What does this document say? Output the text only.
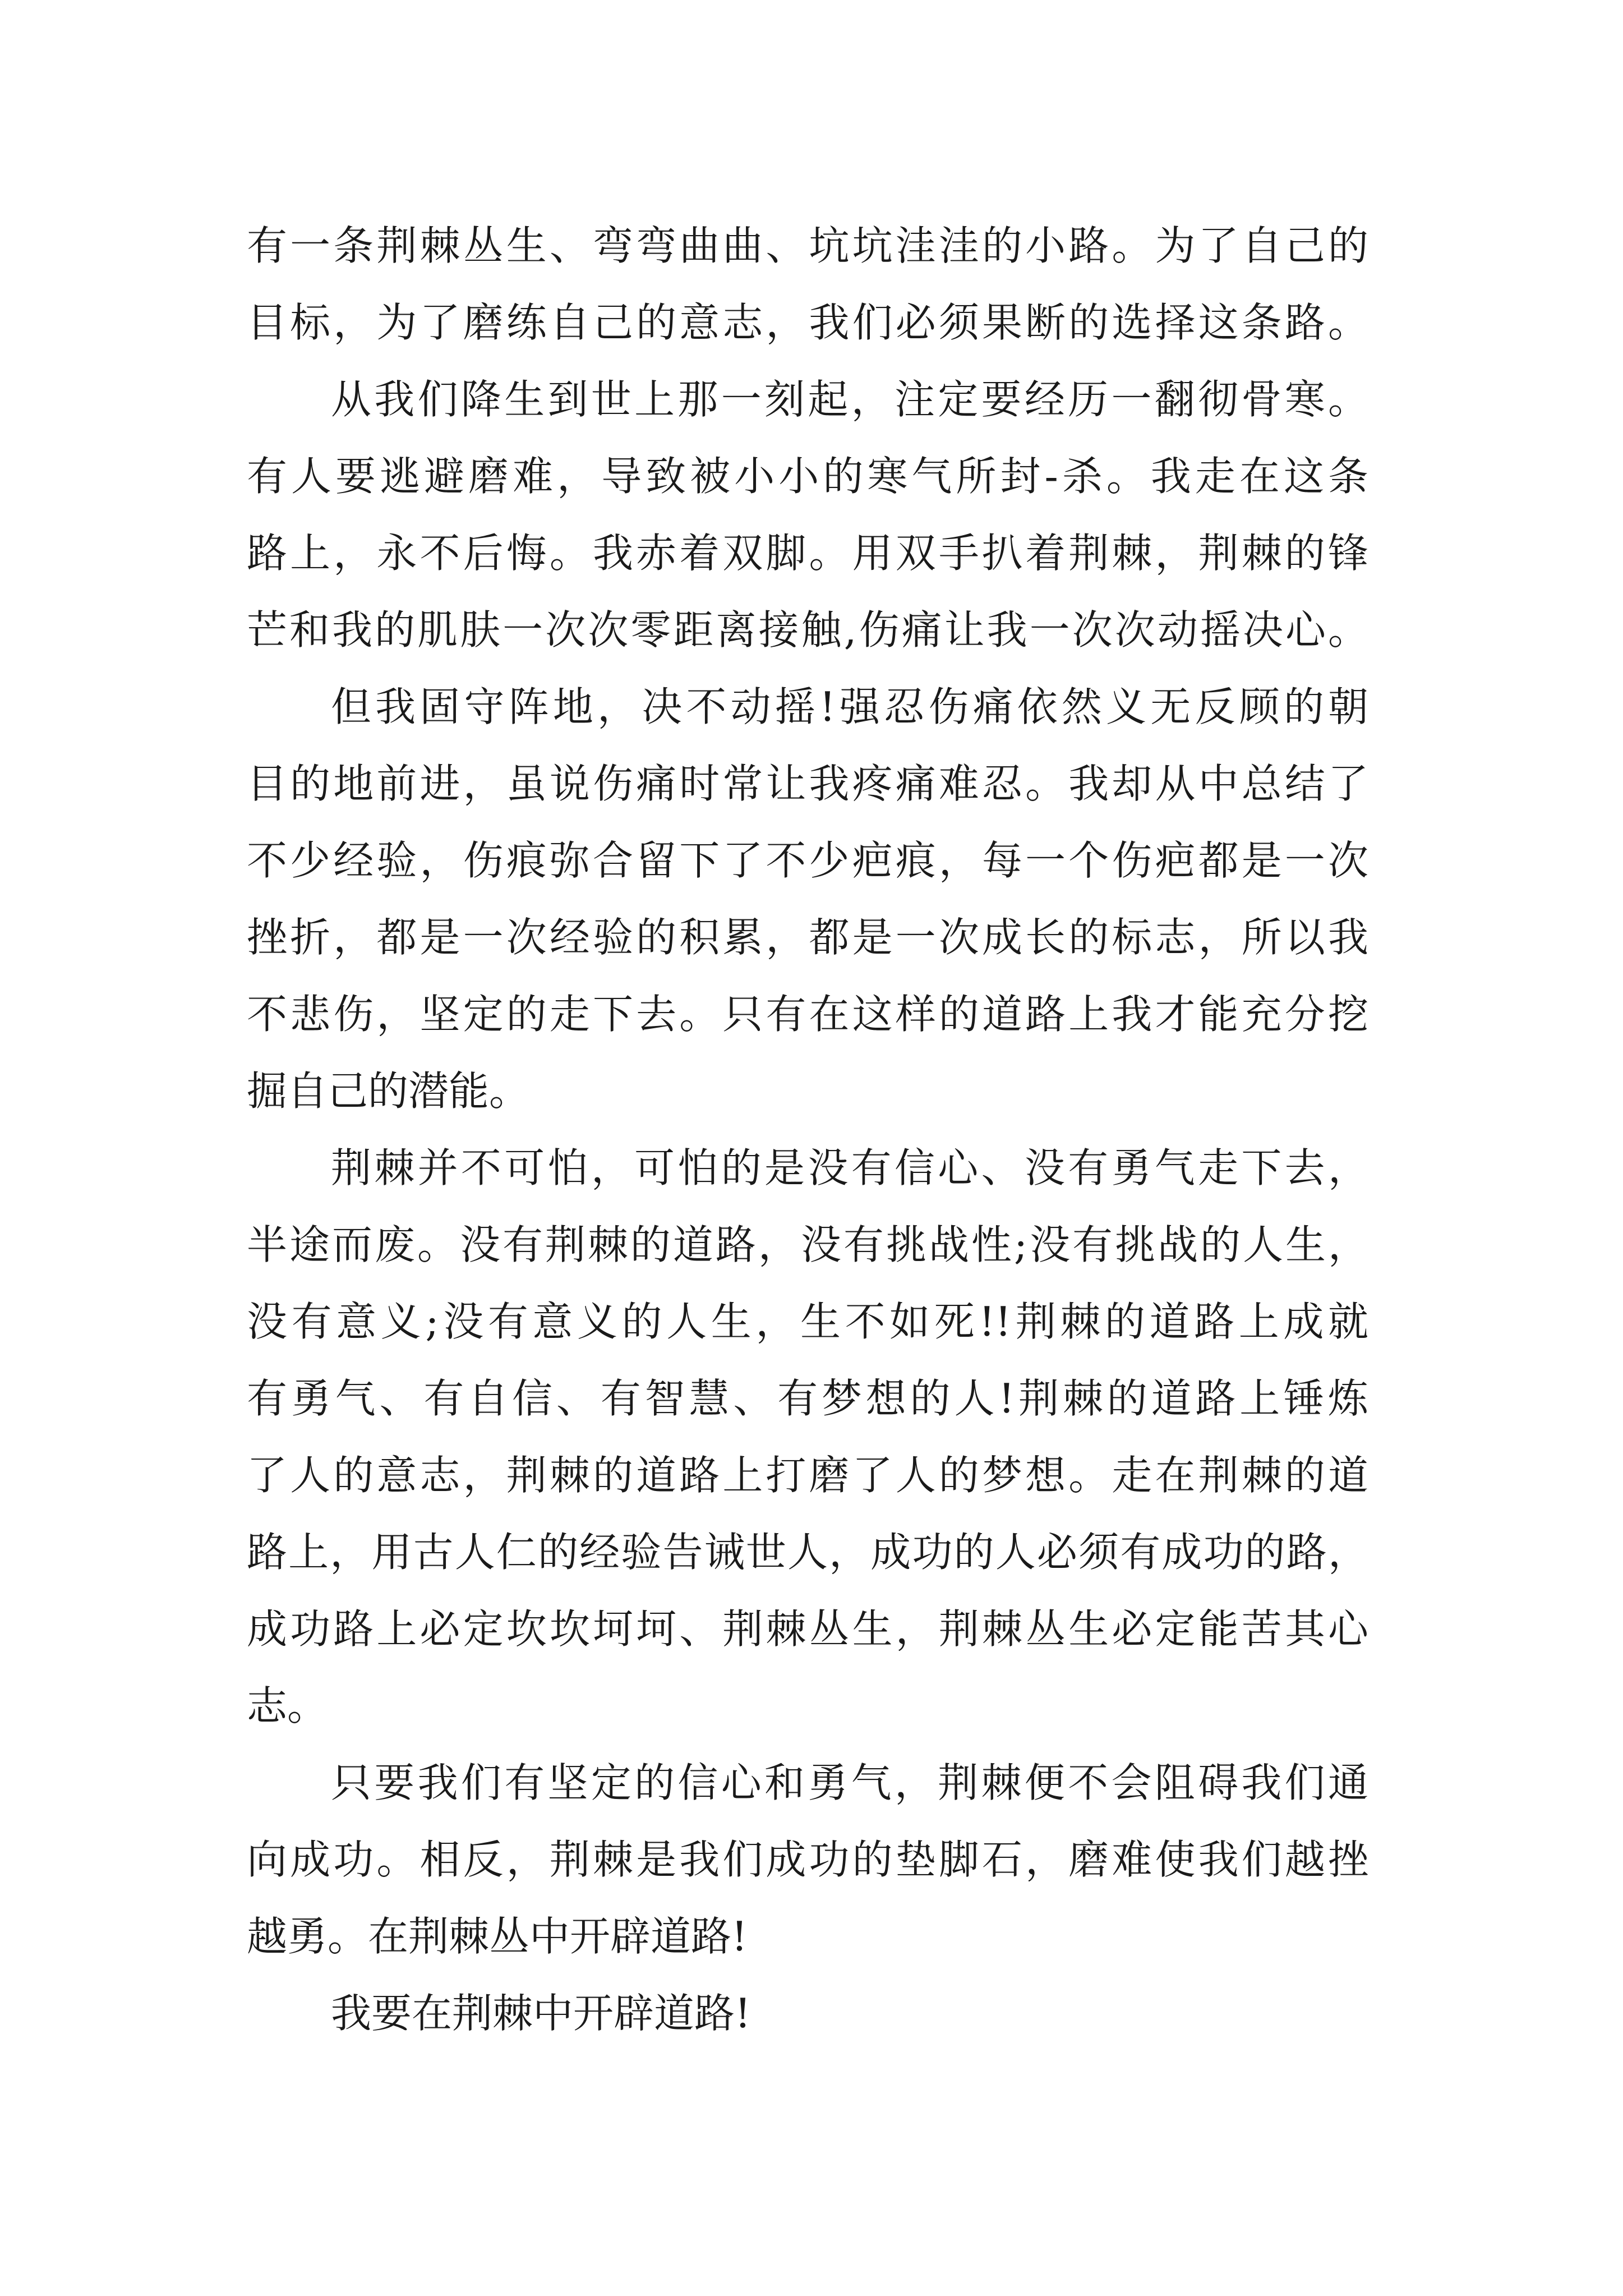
有一条荆棘丛生、弯弯曲曲、坑坑洼洼的小路。为了自己的
目标，为了磨练自己的意志，我们必须果断的选择这条路。
从我们降生到世上那一刻起，注定要经历一翻彻骨寒。
有人要逃避磨难，导致被小小的寒气所封-杀。我走在这条
路上，永不后悔。我赤着双脚。用双手扒着荆棘，荆棘的锋
芒和我的肌肤一次次零距离接触,伤痛让我一次次动摇决心。
但我固守阵地，决不动摇!强忍伤痛依然义无反顾的朝
目的地前进，虽说伤痛时常让我疼痛难忍。我却从中总结了
不少经验，伤痕弥合留下了不少疤痕，每一个伤疤都是一次
挫折，都是一次经验的积累，都是一次成长的标志，所以我
不悲伤，坚定的走下去。只有在这样的道路上我才能充分挖
掘自己的潜能。
荆棘并不可怕，可怕的是没有信心、没有勇气走下去，
半途而废。没有荆棘的道路，没有挑战性;没有挑战的人生，
没有意义;没有意义的人生，生不如死!!荆棘的道路上成就
有勇气、有自信、有智慧、有梦想的人!荆棘的道路上锤炼
了人的意志，荆棘的道路上打磨了人的梦想。走在荆棘的道
路上，用古人仁的经验告诫世人，成功的人必须有成功的路，
成功路上必定坎坎坷坷、荆棘丛生，荆棘丛生必定能苦其心
志。
只要我们有坚定的信心和勇气，荆棘便不会阻碍我们通
向成功。相反，荆棘是我们成功的垫脚石，磨难使我们越挫
越勇。在荆棘丛中开辟道路!
我要在荆棘中开辟道路!
